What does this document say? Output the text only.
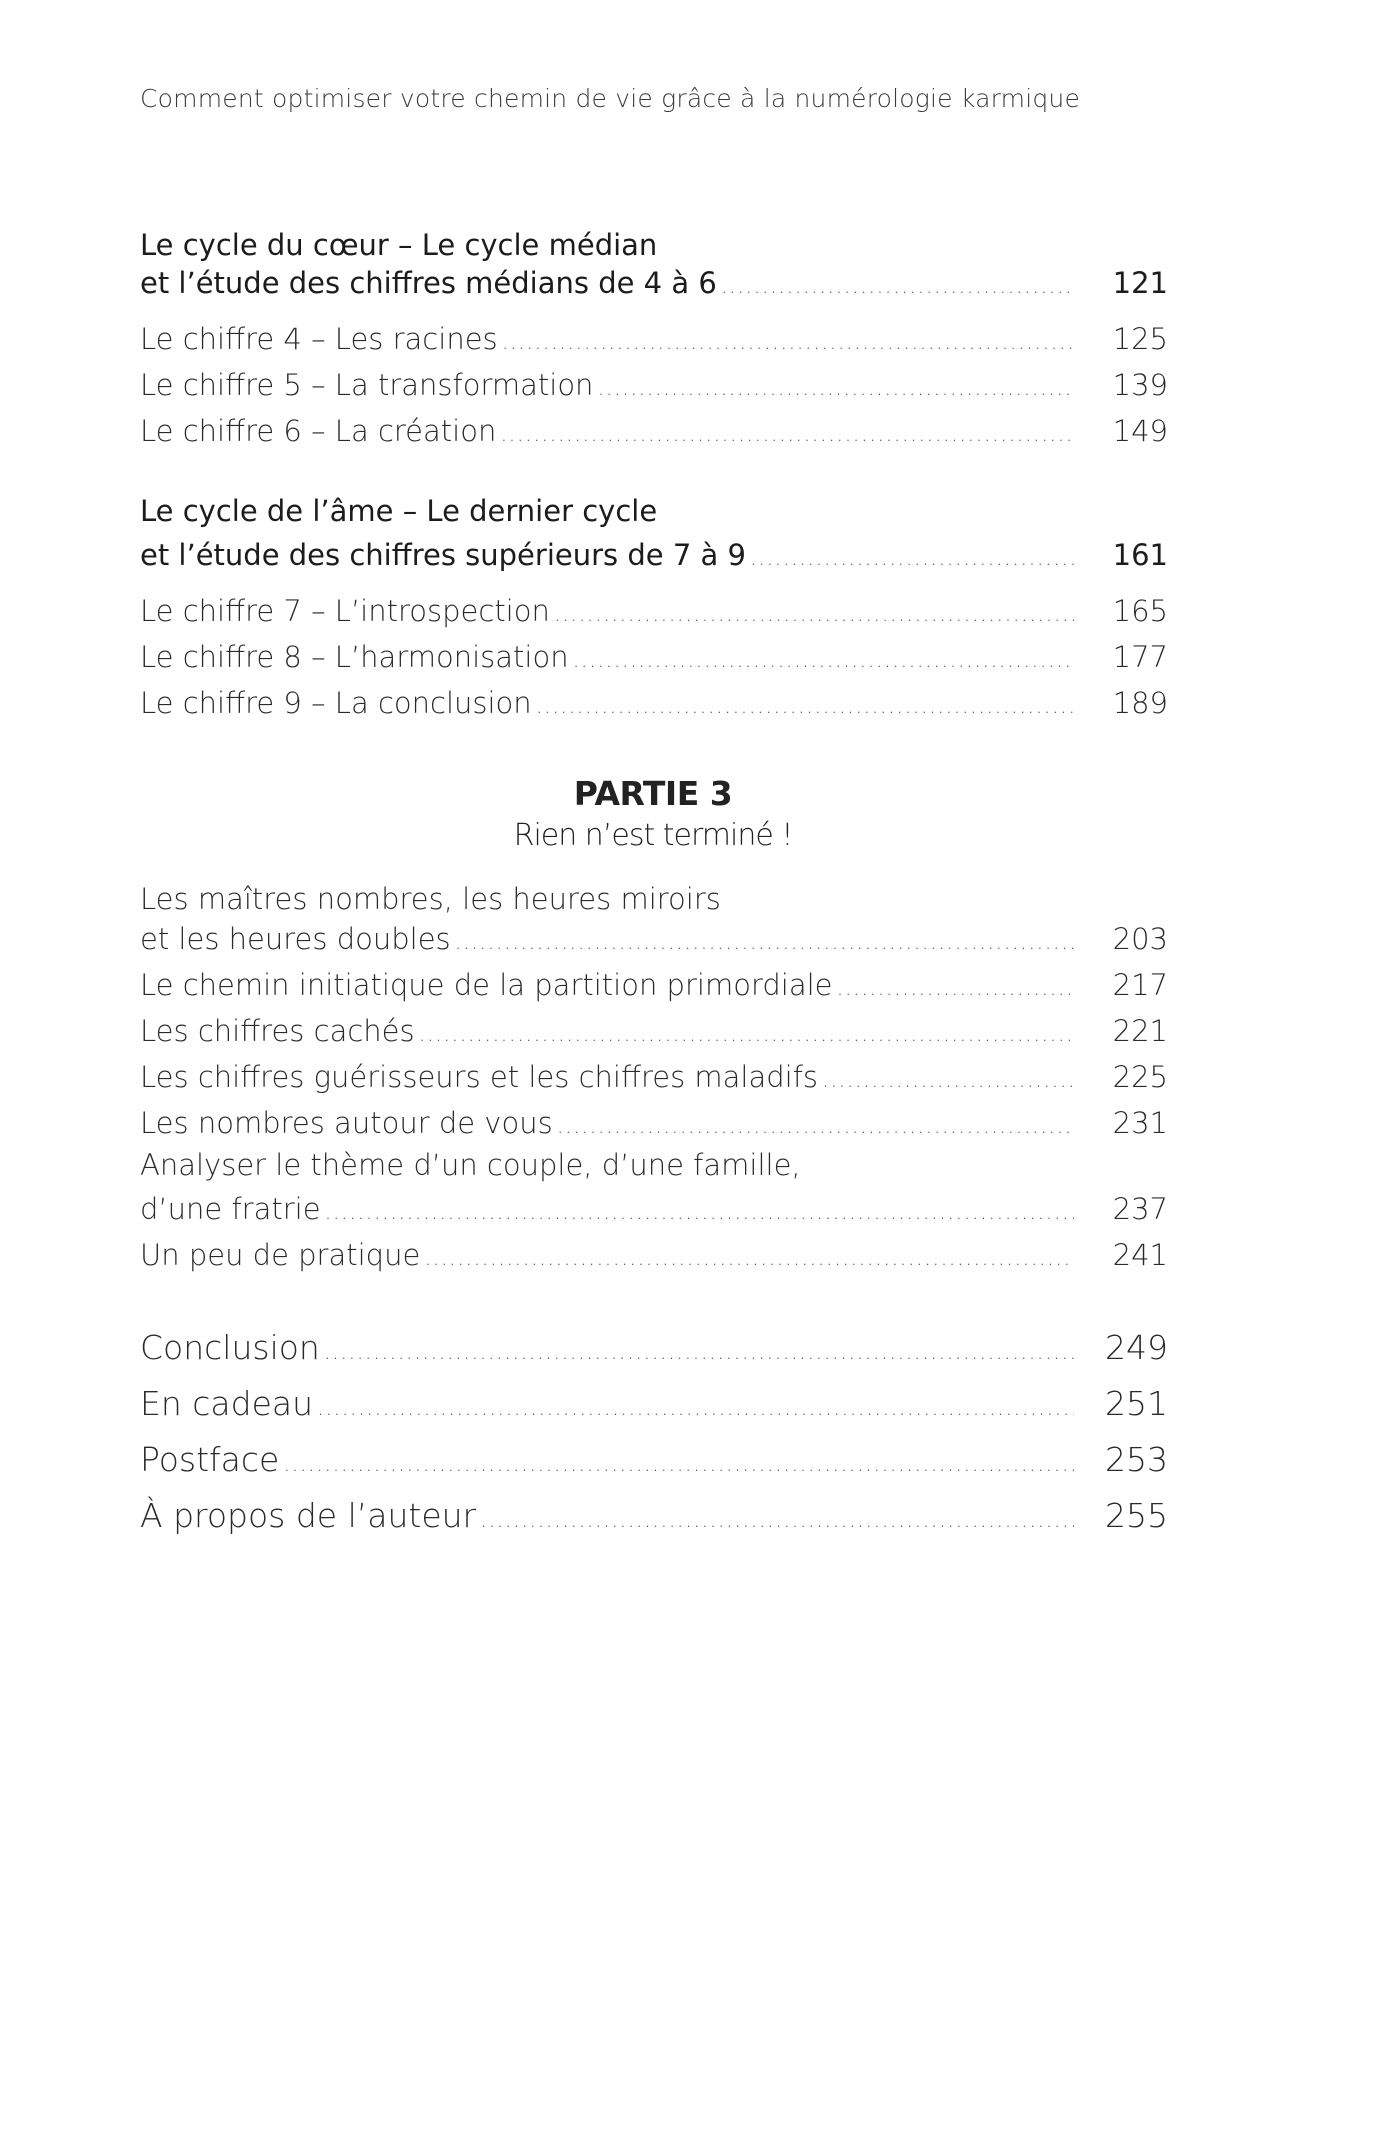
Comment optimiser votre chemin de vie grâce à la numérologie karmique
Le cycle du cœur – Le cycle médian
et l’étude des chiffres médians de 4 à 6 .....	121
Le chiffre 4 – Les racines .....	125
Le chiffre 5 – La transformation .....	139
Le chiffre 6 – La création .....	149
Le cycle de l’âme – Le dernier cycle
et l’étude des chiffres supérieurs de 7 à 9 .....	161
Le chiffre 7 – L’introspection .....	165
Le chiffre 8 – L’harmonisation .....	177
Le chiffre 9 – La conclusion .....	189
PARTIE 3
Rien n’est terminé !
Les maîtres nombres, les heures miroirs
et les heures doubles .....	203
Le chemin initiatique de la partition primordiale .....	217
Les chiffres cachés .....	221
Les chiffres guérisseurs et les chiffres maladifs .....	225
Les nombres autour de vous .....	231
Analyser le thème d’un couple, d’une famille,
d’une fratrie .....	237
Un peu de pratique .....	241
Conclusion .....	249
En cadeau .....	251
Postface .....	253
À propos de l’auteur .....	255
